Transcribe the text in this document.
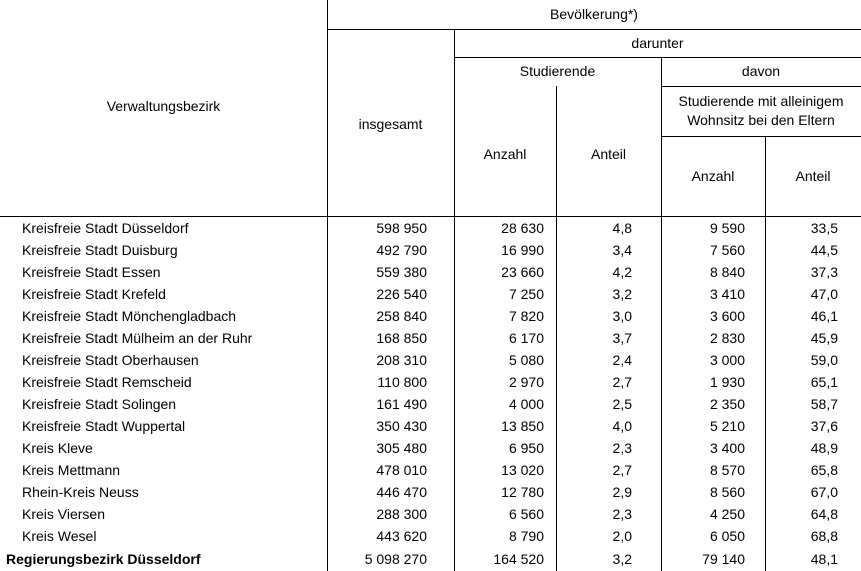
Bevölkerung*)
darunter
Studierende	davon
Verwaltungsbezirk
insgesamt
Studierende mit alleinigem
Wohnsitz bei den Eltern
Anzahl	Anteil
Anzahl	Anteil
Kreisfreie Stadt Düsseldorf	598 950	28 630	4,8	9 590	33,5
Kreisfreie Stadt Duisburg	492 790	16 990	3,4	7 560	44,5
Kreisfreie Stadt Essen	559 380	23 660	4,2	8 840	37,3
Kreisfreie Stadt Krefeld	226 540	7 250	3,2	3 410	47,0
Kreisfreie Stadt Mönchengladbach	258 840	7 820	3,0	3 600	46,1
Kreisfreie Stadt Mülheim an der Ruhr	168 850	6 170	3,7	2 830	45,9
Kreisfreie Stadt Oberhausen	208 310	5 080	2,4	3 000	59,0
Kreisfreie Stadt Remscheid	110 800	2 970	2,7	1 930	65,1
Kreisfreie Stadt Solingen	161 490	4 000	2,5	2 350	58,7
Kreisfreie Stadt Wuppertal	350 430	13 850	4,0	5 210	37,6
Kreis Kleve	305 480	6 950	2,3	3 400	48,9
Kreis Mettmann	478 010	13 020	2,7	8 570	65,8
Rhein-Kreis Neuss	446 470	12 780	2,9	8 560	67,0
Kreis Viersen	288 300	6 560	2,3	4 250	64,8
Kreis Wesel	443 620	8 790	2,0	6 050	68,8
Regierungsbezirk Düsseldorf	5 098 270	164 520	3,2	79 140	48,1
